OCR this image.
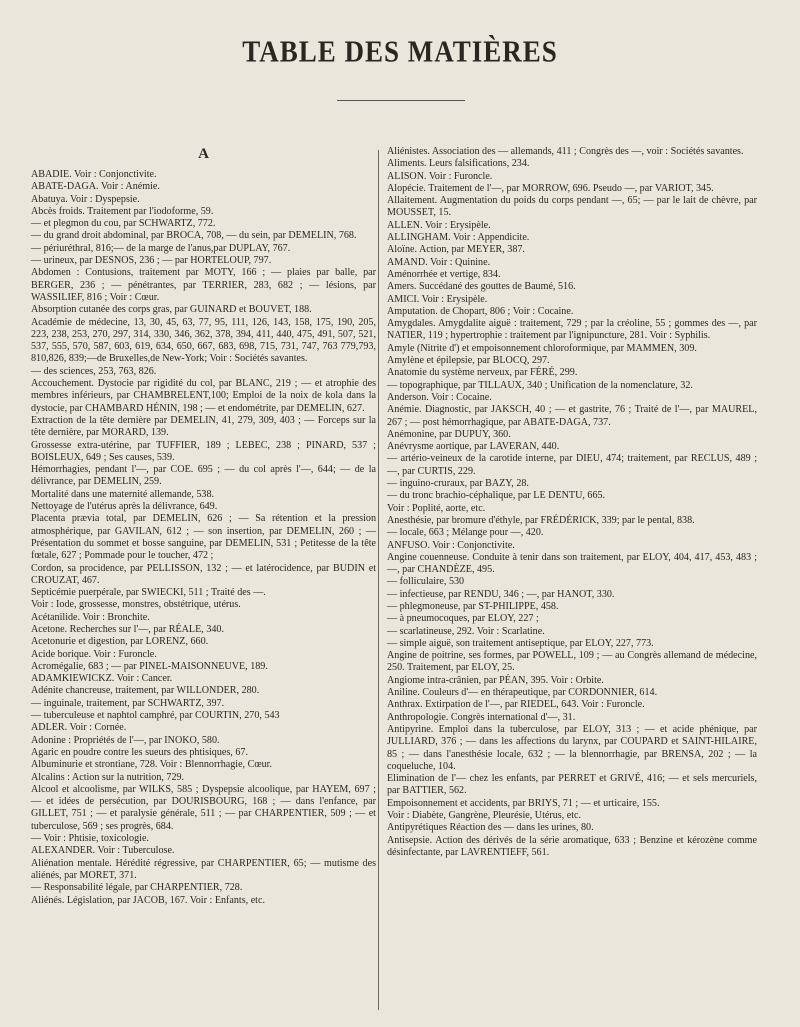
TABLE DES MATIÈRES
A

ABADIE. Voir : Conjonctivite.

ABATE-DAGA. Voir : Anémie.

Abatuya. Voir : Dyspepsie.

Abcès froids. Traitement par l'iodoforme, 59.

— et plegmon du cou, par SCHWARTZ, 772.

— du grand droit abdominal, par BROCA, 708, — du sein, par DEMELIN, 768.

— périuréthral, 816;— de la marge de l'anus,par DUPLAY, 767.

— urineux, par DESNOS, 236 ; — par HORTELOUP, 797.

Abdomen : Contusions, traitement par MOTY, 166 ; — plaies par balle, par BERGER, 236 ; — pénétrantes, par TERRIER, 283, 682 ; — lésions, par WASSILIEF, 816 ; Voir : Cœur.

Absorption cutanée des corps gras, par GUINARD et BOUVET, 188.

Académie de médecine, 13, 30, 45, 63, 77, 95, 111, 126, 143, 158, 175, 190, 205, 223, 238, 253, 270, 297, 314, 330, 346, 362, 378, 394, 411, 440, 475, 491, 507, 521, 537, 555, 570, 587, 603, 619, 634, 650, 667, 683, 698, 715, 731, 747, 763 779,793, 810,826, 839;—de Bruxelles,de New-York; Voir : Sociétés savantes.

— des sciences, 253, 763, 826.

Accouchement. Dystocie par rigidité du col, par BLANC, 219 ; — et atrophie des membres inférieurs, par CHAMBRELENT,100; Emploi de la noix de kola dans la dystocie, par CHAMBARD HÉNIN, 198 ; — et endométrite, par DEMELIN, 627.

Extraction de la tête dernière par DEMELIN, 41, 279, 309, 403 ; — Forceps sur la tête dernière, par MORARD, 139.

Grossesse extra-utérine, par TUFFIER, 189 ; LEBEC, 238 ; PINARD, 537 ; BOISLEUX, 649 ; Ses causes, 539.

Hémorrhagies, pendant l'—, par COE. 695 ; — du col après l'—, 644; — de la délivrance, par DEMELIN, 259.

Mortalité dans une maternité allemande, 538.

Nettoyage de l'utérus après la délivrance, 649.

Placenta prævia total, par DEMELIN, 626 ; — Sa rétention et la pression atmosphérique, par GAVILAN, 612 ; — son insertion, par DEMELIN, 260 ; — Présentation du sommet et bosse sanguine, par DEMELIN, 531 ; Petitesse de la tête fœtale, 627 ; Pommade pour le toucher, 472 ;

Cordon, sa procidence, par PELLISSON, 132 ; — et latérocidence, par BUDIN et CROUZAT, 467.

Septicémie puerpérale, par SWIECKI, 511 ; Traité des —.

Voir : Iode, grossesse, monstres, obstétrique, utérus.

Acétanilide. Voir : Bronchite.

Acetone. Recherches sur l'—, par RÉALE, 340.

Acetonurie et digestion, par LORENZ, 660.

Acide borique. Voir : Furoncle.

Acromégalie, 683 ; — par PINEL-MAISONNEUVE, 189.

ADAMKIEWICKZ. Voir : Cancer.

Adénite chancreuse, traitement, par WILLONDER, 280.

— inguinale, traitement, par SCHWARTZ, 397.

— tuberculeuse et naphtol camphré, par COURTIN, 270, 543

ADLER. Voir : Cornée.

Adonine : Propriétés de l'—, par INOKO, 580.

Agaric en poudre contre les sueurs des phtisiques, 67.

Albuminurie et strontiane, 728. Voir : Blennorrhagie, Cœur.

Alcalins : Action sur la nutrition, 729.

Alcool et alcoolisme, par WILKS, 585 ; Dyspepsie alcoolique, par HAYEM, 697 ; — et idées de persécution, par DOURISBOURG, 168 ; — dans l'enfance, par GILLET, 751 ; — et paralysie générale, 511 ; — par CHARPENTIER, 509 ; — et tuberculose, 569 ; ses progrès, 684.

— Voir : Phtisie, toxicologie.

ALEXANDER. Voir : Tuberculose.

Aliénation mentale. Hérédité régressive, par CHARPENTIER, 65; — mutisme des aliénés, par MORET, 371.

— Responsabilité légale, par CHARPENTIER, 728.

Aliénés. Législation, par JACOB, 167. Voir : Enfants, etc.

Aliénistes. Association des — allemands, 411 ; Congrès des —, voir : Sociétés savantes.

Aliments. Leurs falsifications, 234.

ALISON. Voir : Furoncle.

Alopécie. Traitement de l'—, par MORROW, 696. Pseudo —, par VARIOT, 345.

Allaitement. Augmentation du poids du corps pendant —, 65; — par le lait de chèvre, par MOUSSET, 15.

ALLEN. Voir : Erysipèle.

ALLINGHAM. Voir : Appendicite.

Aloïne. Action, par MEYER, 387.

AMAND. Voir : Quinine.

Aménorrhée et vertige, 834.

Amers. Succédané des gouttes de Baumé, 516.

AMICI. Voir : Erysipèle.

Amputation. de Chopart, 806 ; Voir : Cocaine.

Amygdales. Amygdalite aiguë : traitement, 729 ; par la créoline, 55 ; gommes des —, par NATIER, 119 ; hypertrophie : traitement par l'ignipuncture, 281. Voir : Syphilis.

Amyle (Nitrite d') et empoisonnement chloroformique, par MAMMEN, 309.

Amylène et épilepsie, par BLOCQ, 297.

Anatomie du système nerveux, par FÉRÉ, 299.

— topographique, par TILLAUX, 340 ; Unification de la nomenclature, 32.

Anderson. Voir : Cocaine.

Anémie. Diagnostic, par JAKSCH, 40 ; — et gastrite, 76 ; Traité de l'—, par MAUREL, 267 ; — post hémorrhagique, par ABATE-DAGA, 737.

Anémonine, par DUPUY, 360.

Anévrysme aortique, par LAVERAN, 440.

— artério-veineux de la carotide interne, par DIEU, 474; traitement, par RECLUS, 489 ; —, par CURTIS, 229.

— inguino-cruraux, par BAZY, 28.

— du tronc brachio-céphalique, par LE DENTU, 665.

Voir : Poplité, aorte, etc.

Anesthésie, par bromure d'éthyle, par FRÉDÉRICK, 339; par le pental, 838.

— locale, 663 ; Mélange pour —, 420.

ANFUSO. Voir : Conjonctivite.

Angine couenneuse. Conduite à tenir dans son traitement, par ELOY, 404, 417, 453, 483 ; —, par CHANDÈZE, 495.

— folliculaire, 530

— infectieuse, par RENDU, 346 ; —, par HANOT, 330.

— phlegmoneuse, par ST-PHILIPPE, 458.

— à pneumocoques, par ELOY, 227 ;

— scarlatineuse, 292. Voir : Scarlatine.

— simple aiguë, son traitement antiseptique, par ELOY, 227, 773.

Angine de poitrine, ses formes, par POWELL, 109 ; — au Congrès allemand de médecine, 250. Traitement, par ELOY, 25.

Angiome intra-crânien, par PÉAN, 395. Voir : Orbite.

Aniline. Couleurs d'— en thérapeutique, par CORDONNIER, 614.

Anthrax. Extirpation de l'—, par RIEDEL, 643. Voir : Furoncle.

Anthropologie. Congrès international d'—, 31.

Antipyrine. Emploi dans la tuberculose, par ELOY, 313 ; — et acide phénique, par JULLIARD, 376 ; — dans les affections du larynx, par COUPARD et SAINT-HILAIRE, 85 ; — dans l'anesthésie locale, 632 ; — la blennorrhagie, par BRENSA, 202 ; — la coqueluche, 104.

Elimination de l'— chez les enfants, par PERRET et GRIVÉ, 416; — et sels mercuriels, par BATTIER, 562.

Empoisonnement et accidents, par BRIYS, 71 ; — et urticaire, 155.

Voir : Diabète, Gangrène, Pleurésie, Utérus, etc.

Antipyrétiques Réaction des — dans les urines, 80.

Antisepsie. Action des dérivés de la série aromatique, 633 ; Benzine et kérozène comme désinfectante, par LAVRENTIEFF, 561.
